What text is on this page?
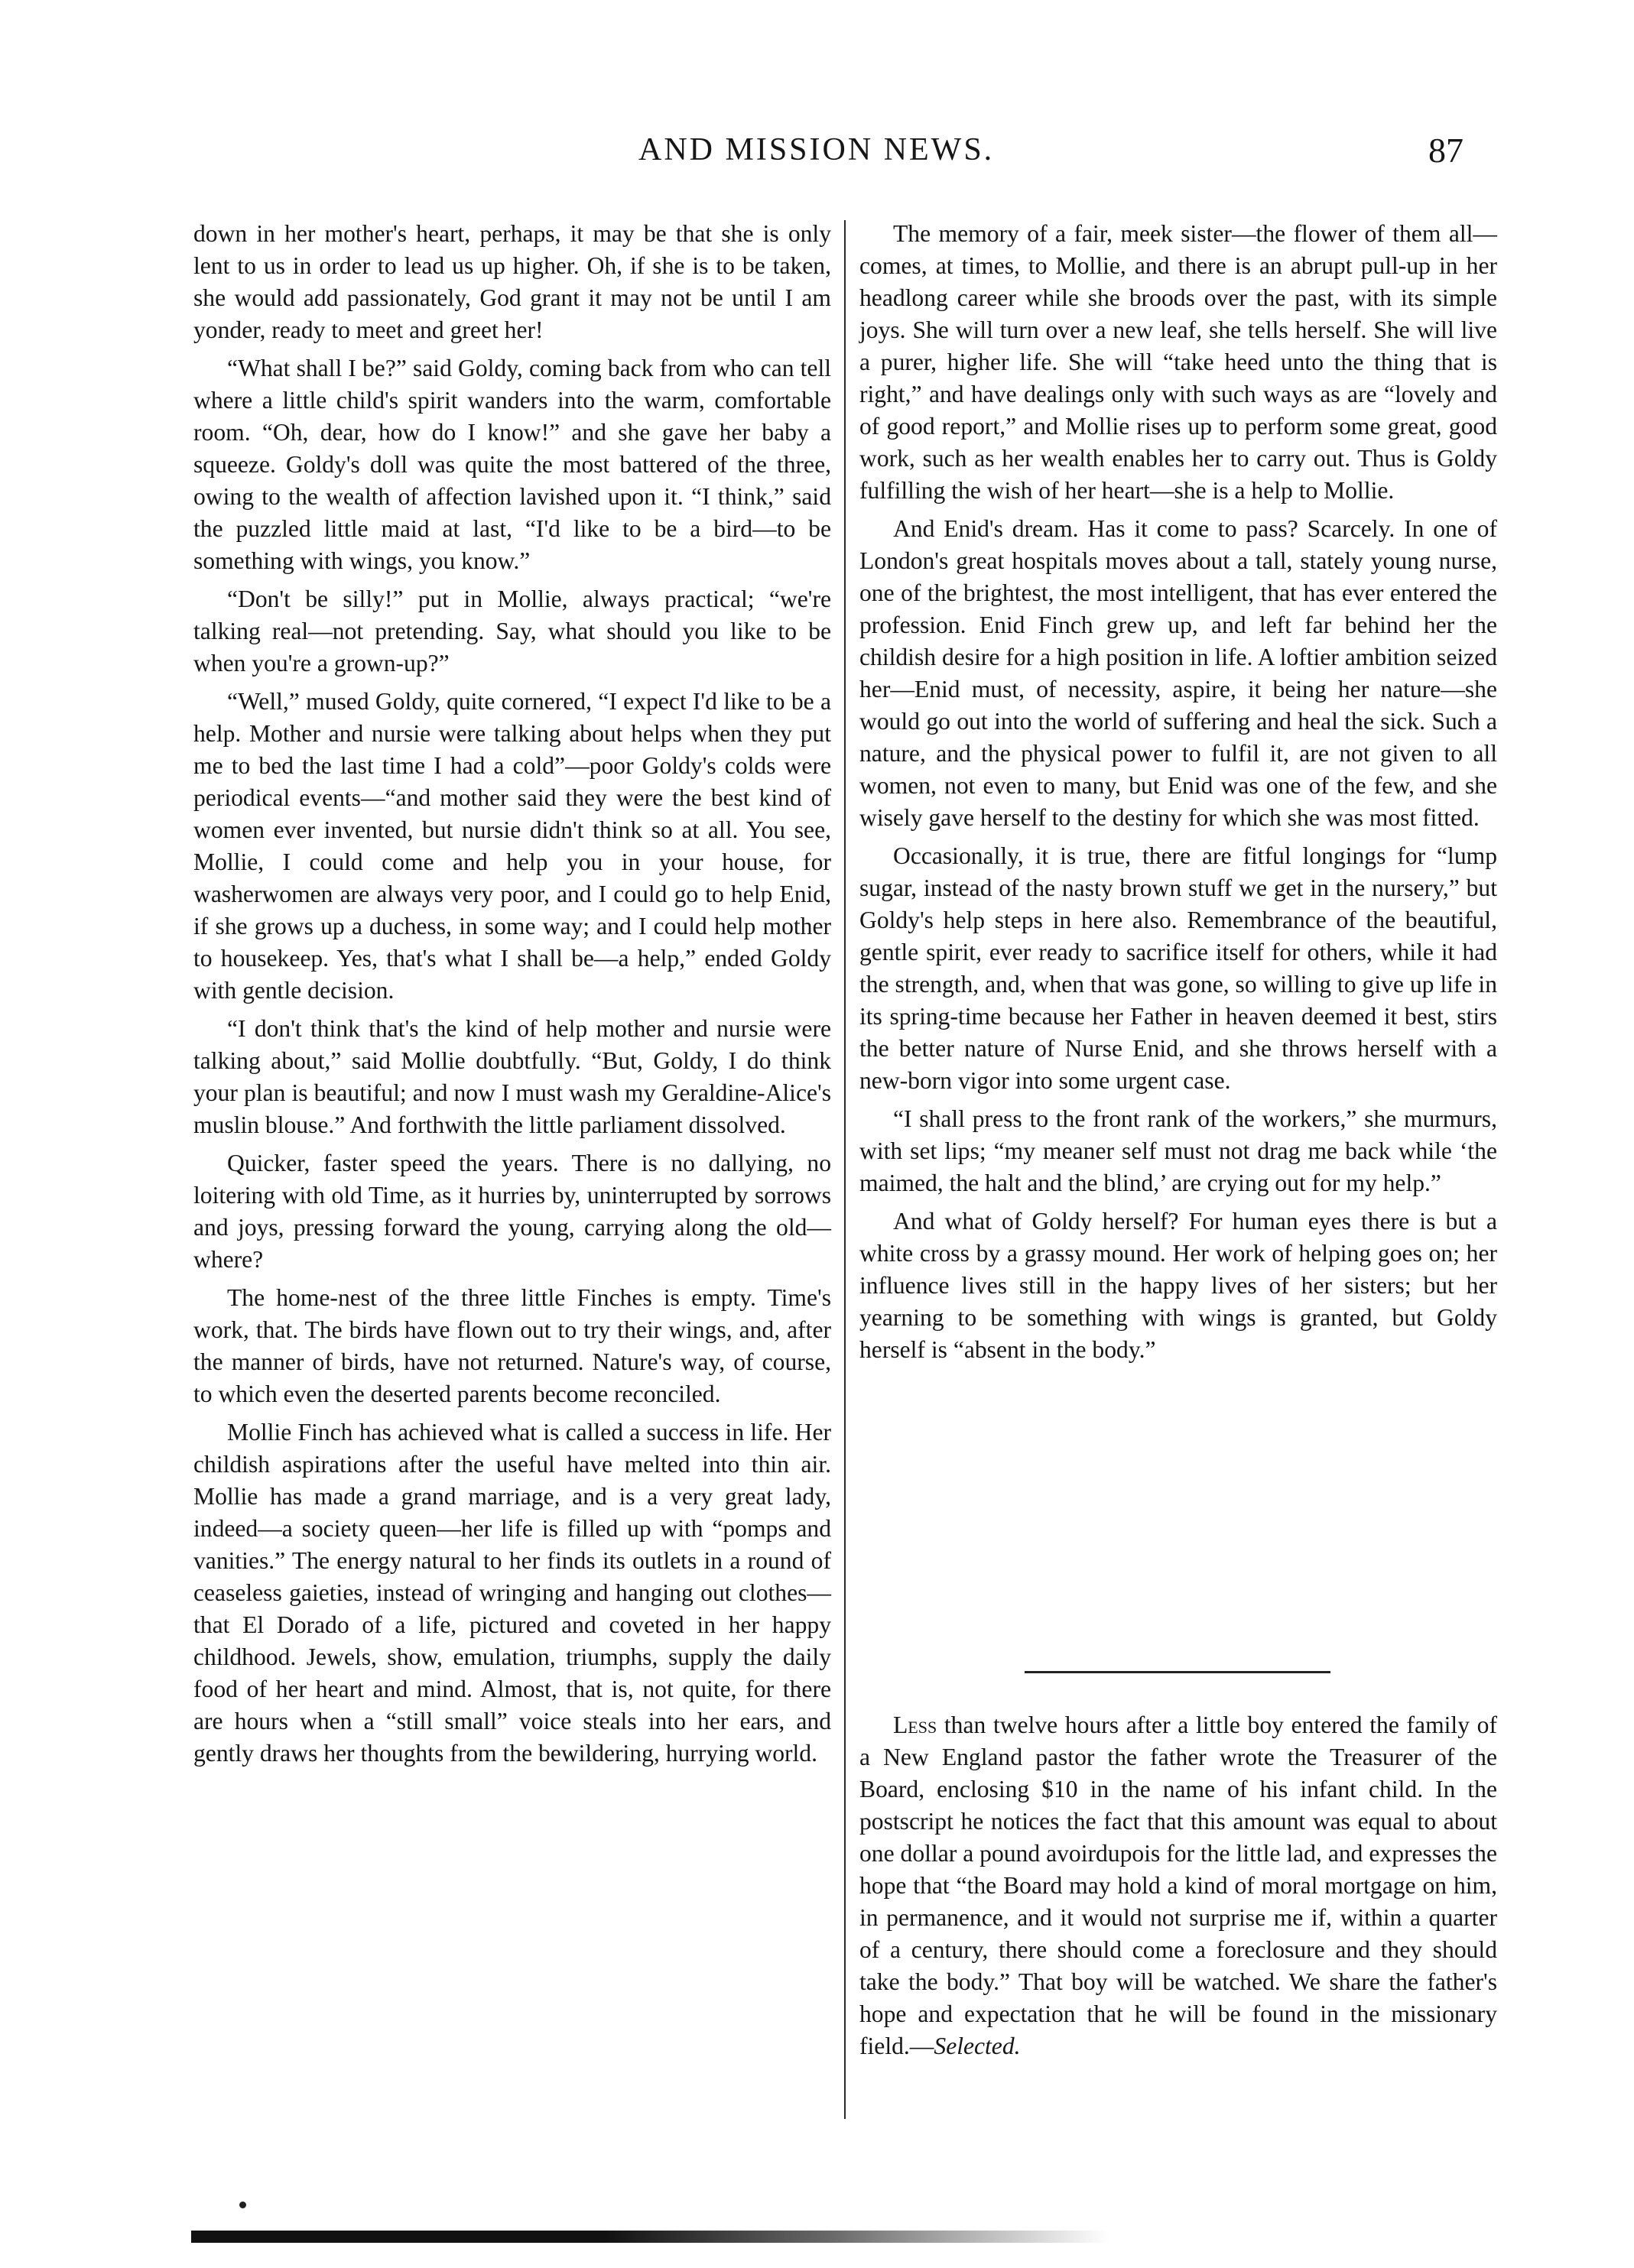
AND MISSION NEWS.	87

down in her mother's heart, perhaps, it may be that she is only lent to us in order to lead us up higher. Oh, if she is to be taken, she would add passionately, God grant it may not be until I am yonder, ready to meet and greet her!

“What shall I be?” said Goldy, coming back from who can tell where a little child's spirit wanders into the warm, comfortable room. “Oh, dear, how do I know!” and she gave her baby a squeeze. Goldy's doll was quite the most battered of the three, owing to the wealth of affection lavished upon it. “I think,” said the puzzled little maid at last, “I'd like to be a bird—to be something with wings, you know.”

“Don't be silly!” put in Mollie, always practical; “we're talking real—not pretending. Say, what should you like to be when you're a grown-up?”

“Well,” mused Goldy, quite cornered, “I expect I'd like to be a help. Mother and nursie were talking about helps when they put me to bed the last time I had a cold”—poor Goldy's colds were periodical events—“and mother said they were the best kind of women ever invented, but nursie didn't think so at all. You see, Mollie, I could come and help you in your house, for washerwomen are always very poor, and I could go to help Enid, if she grows up a duchess, in some way; and I could help mother to housekeep. Yes, that's what I shall be—a help,” ended Goldy with gentle decision.

“I don't think that's the kind of help mother and nursie were talking about,” said Mollie doubtfully. “But, Goldy, I do think your plan is beautiful; and now I must wash my Geraldine-Alice's muslin blouse.” And forthwith the little parliament dissolved.

Quicker, faster speed the years. There is no dallying, no loitering with old Time, as it hurries by, uninterrupted by sorrows and joys, pressing forward the young, carrying along the old—where?

The home-nest of the three little Finches is empty. Time's work, that. The birds have flown out to try their wings, and, after the manner of birds, have not returned. Nature's way, of course, to which even the deserted parents become reconciled.

Mollie Finch has achieved what is called a success in life. Her childish aspirations after the useful have melted into thin air. Mollie has made a grand marriage, and is a very great lady, indeed—a society queen—her life is filled up with “pomps and vanities.” The energy natural to her finds its outlets in a round of ceaseless gaieties, instead of wringing and hanging out clothes—that El Dorado of a life, pictured and coveted in her happy childhood. Jewels, show, emulation, triumphs, supply the daily food of her heart and mind. Almost, that is, not quite, for there are hours when a “still small” voice steals into her ears, and gently draws her thoughts from the bewildering, hurrying world.

The memory of a fair, meek sister—the flower of them all—comes, at times, to Mollie, and there is an abrupt pull-up in her headlong career while she broods over the past, with its simple joys. She will turn over a new leaf, she tells herself. She will live a purer, higher life. She will “take heed unto the thing that is right,” and have dealings only with such ways as are “lovely and of good report,” and Mollie rises up to perform some great, good work, such as her wealth enables her to carry out. Thus is Goldy fulfilling the wish of her heart—she is a help to Mollie.

And Enid's dream. Has it come to pass? Scarcely. In one of London's great hospitals moves about a tall, stately young nurse, one of the brightest, the most intelligent, that has ever entered the profession. Enid Finch grew up, and left far behind her the childish desire for a high position in life. A loftier ambition seized her—Enid must, of necessity, aspire, it being her nature—she would go out into the world of suffering and heal the sick. Such a nature, and the physical power to fulfil it, are not given to all women, not even to many, but Enid was one of the few, and she wisely gave herself to the destiny for which she was most fitted.

Occasionally, it is true, there are fitful longings for “lump sugar, instead of the nasty brown stuff we get in the nursery,” but Goldy's help steps in here also. Remembrance of the beautiful, gentle spirit, ever ready to sacrifice itself for others, while it had the strength, and, when that was gone, so willing to give up life in its spring-time because her Father in heaven deemed it best, stirs the better nature of Nurse Enid, and she throws herself with a new-born vigor into some urgent case.

“I shall press to the front rank of the workers,” she murmurs, with set lips; “my meaner self must not drag me back while ‘the maimed, the halt and the blind,’ are crying out for my help.”

And what of Goldy herself? For human eyes there is but a white cross by a grassy mound. Her work of helping goes on; her influence lives still in the happy lives of her sisters; but her yearning to be something with wings is granted, but Goldy herself is “absent in the body.”

Less than twelve hours after a little boy entered the family of a New England pastor the father wrote the Treasurer of the Board, enclosing $10 in the name of his infant child. In the postscript he notices the fact that this amount was equal to about one dollar a pound avoirdupois for the little lad, and expresses the hope that “the Board may hold a kind of moral mortgage on him, in permanence, and it would not surprise me if, within a quarter of a century, there should come a foreclosure and they should take the body.” That boy will be watched. We share the father's hope and expectation that he will be found in the missionary field.—Selected.
